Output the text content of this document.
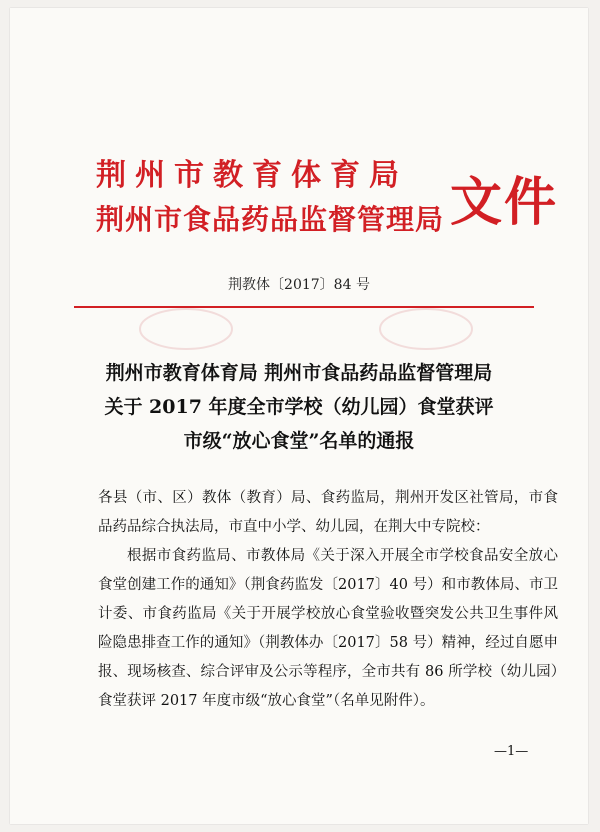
荆州市教育体育局
荆州市食品药品监督管理局 文件
荆教体〔2017〕84 号
荆州市教育体育局 荆州市食品药品监督管理局
关于 2017 年度全市学校（幼儿园）食堂获评
市级“放心食堂”名单的通报

各县（市、区）教体（教育）局、食药监局，荆州开发区社管局，市食品药品综合执法局，市直中小学、幼儿园，在荆大中专院校：

根据市食药监局、市教体局《关于深入开展全市学校食品安全放心食堂创建工作的通知》（荆食药监发〔2017〕40 号）和市教体局、市卫计委、市食药监局《关于开展学校放心食堂验收暨突发公共卫生事件风险隐患排查工作的通知》（荆教体办〔2017〕58 号）精神，经过自愿申报、现场核查、综合评审及公示等程序，全市共有 86 所学校（幼儿园）食堂获评 2017 年度市级“放心食堂”（名单见附件）。

—1—
